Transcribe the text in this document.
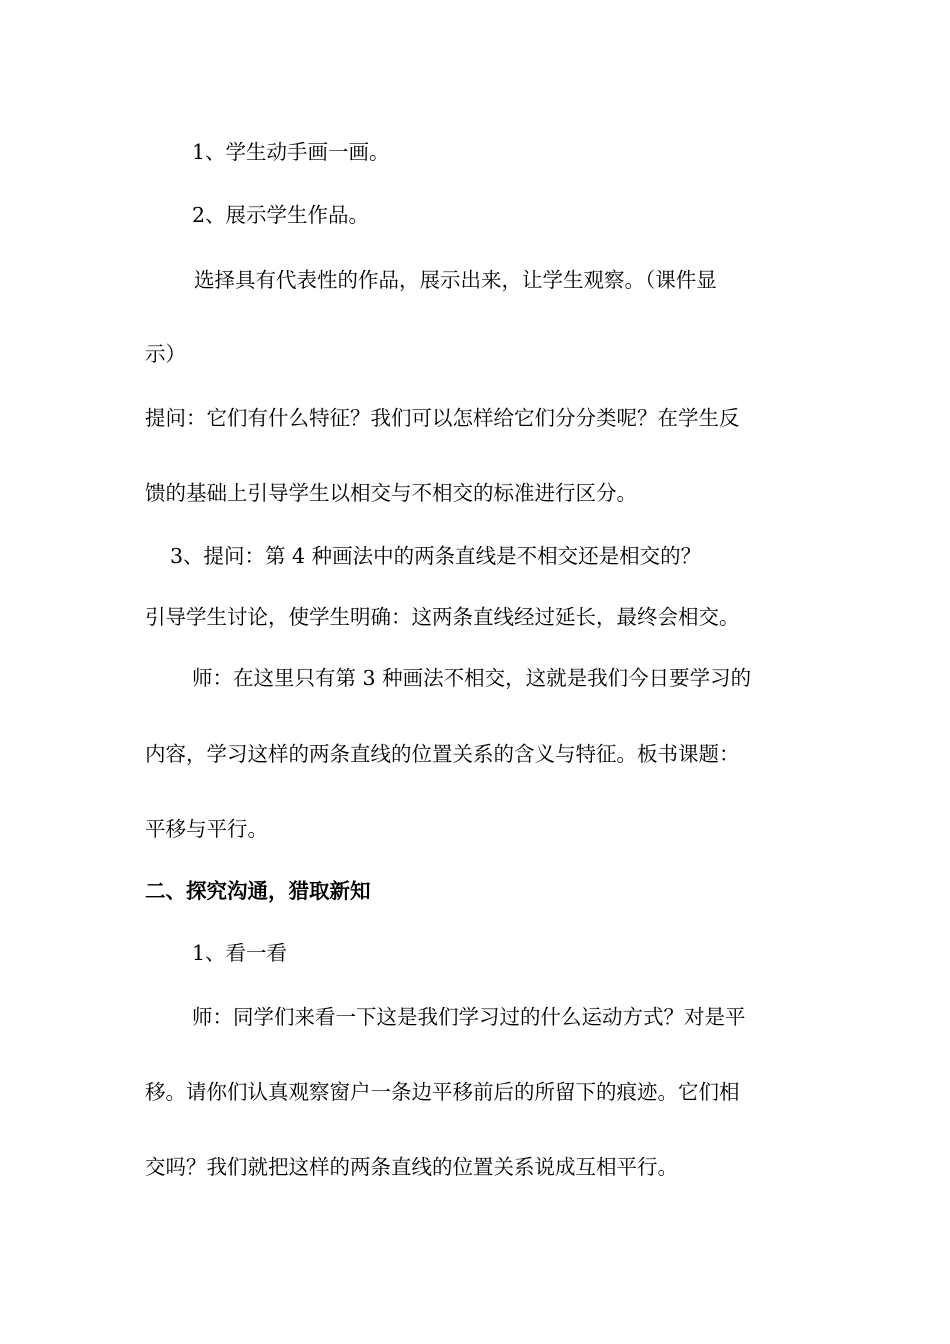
1、学生动手画一画。
2、展示学生作品。
选择具有代表性的作品，展示出来，让学生观察。（课件显
示）
提问：它们有什么特征？我们可以怎样给它们分分类呢？在学生反
馈的基础上引导学生以相交与不相交的标准进行区分。
3、提问：第 4 种画法中的两条直线是不相交还是相交的？
引导学生讨论，使学生明确：这两条直线经过延长，最终会相交。
师：在这里只有第 3 种画法不相交，这就是我们今日要学习的
内容，学习这样的两条直线的位置关系的含义与特征。板书课题：
平移与平行。
二、探究沟通，猎取新知
1、看一看
师：同学们来看一下这是我们学习过的什么运动方式？对是平
移。请你们认真观察窗户一条边平移前后的所留下的痕迹。它们相
交吗？我们就把这样的两条直线的位置关系说成互相平行。
